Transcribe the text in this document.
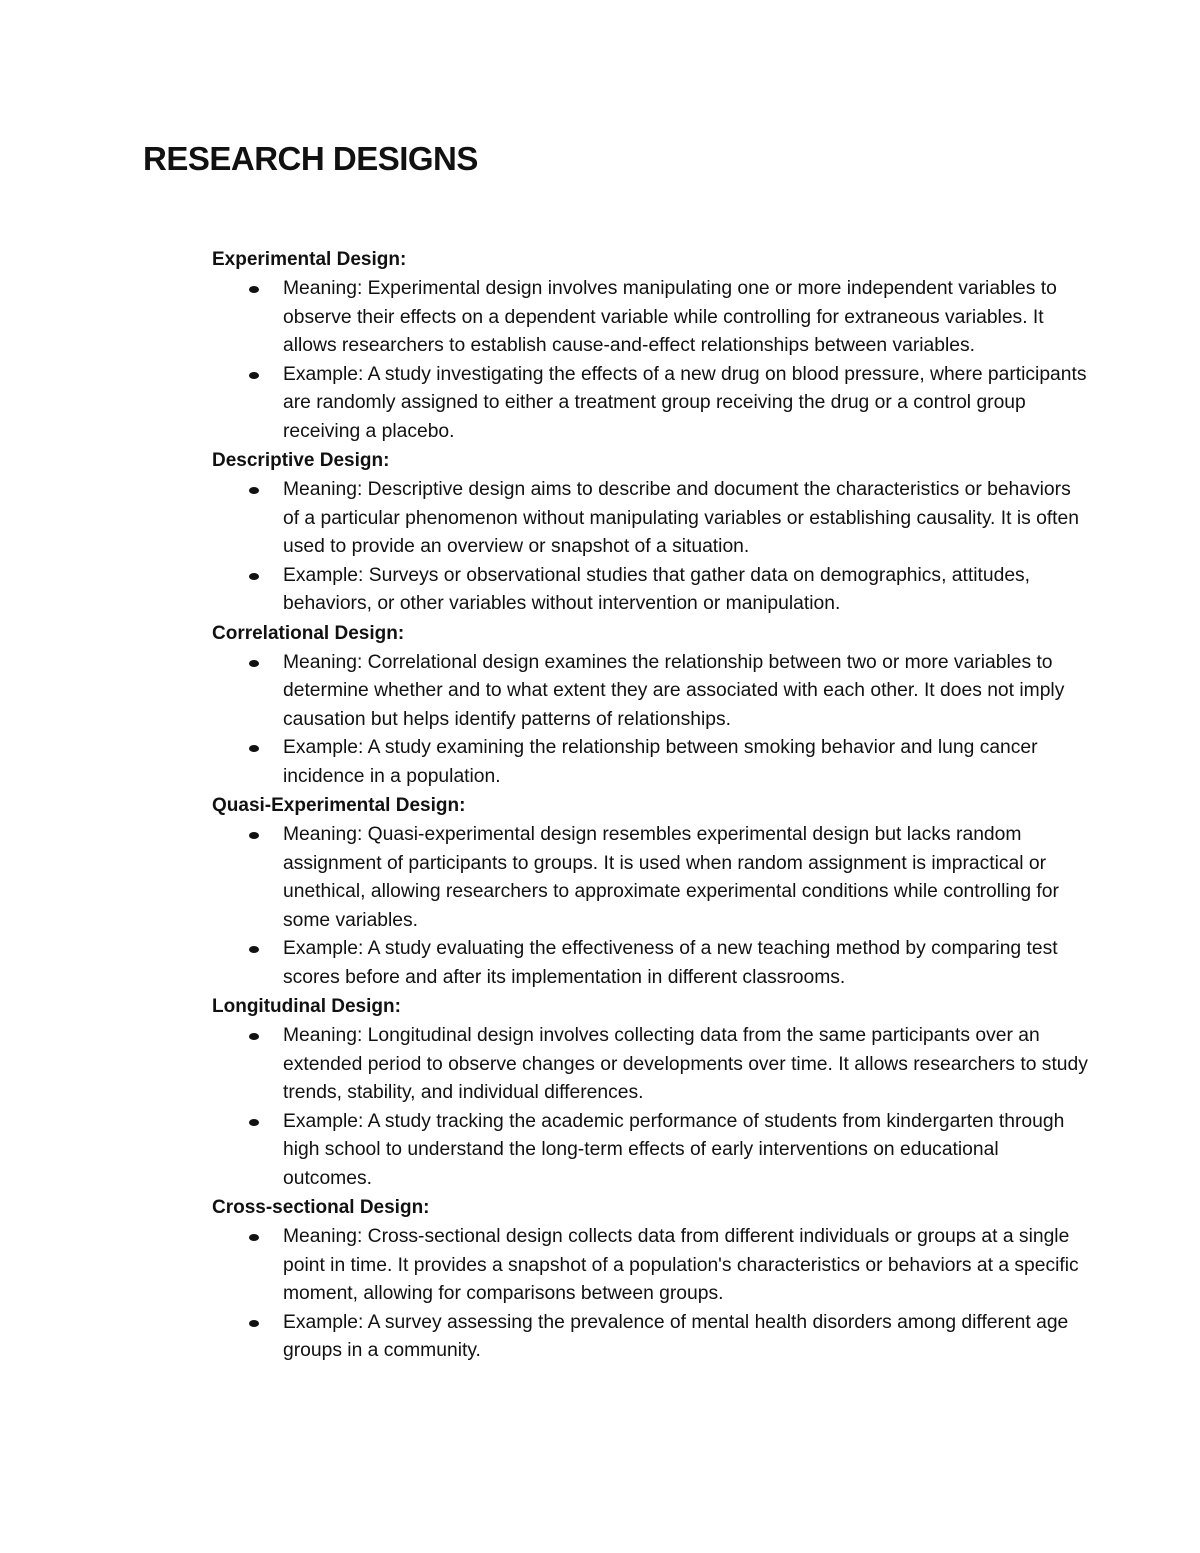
RESEARCH DESIGNS
Experimental Design:
Meaning: Experimental design involves manipulating one or more independent variables to observe their effects on a dependent variable while controlling for extraneous variables. It allows researchers to establish cause-and-effect relationships between variables.
Example: A study investigating the effects of a new drug on blood pressure, where participants are randomly assigned to either a treatment group receiving the drug or a control group receiving a placebo.
Descriptive Design:
Meaning: Descriptive design aims to describe and document the characteristics or behaviors of a particular phenomenon without manipulating variables or establishing causality. It is often used to provide an overview or snapshot of a situation.
Example: Surveys or observational studies that gather data on demographics, attitudes, behaviors, or other variables without intervention or manipulation.
Correlational Design:
Meaning: Correlational design examines the relationship between two or more variables to determine whether and to what extent they are associated with each other. It does not imply causation but helps identify patterns of relationships.
Example: A study examining the relationship between smoking behavior and lung cancer incidence in a population.
Quasi-Experimental Design:
Meaning: Quasi-experimental design resembles experimental design but lacks random assignment of participants to groups. It is used when random assignment is impractical or unethical, allowing researchers to approximate experimental conditions while controlling for some variables.
Example: A study evaluating the effectiveness of a new teaching method by comparing test scores before and after its implementation in different classrooms.
Longitudinal Design:
Meaning: Longitudinal design involves collecting data from the same participants over an extended period to observe changes or developments over time. It allows researchers to study trends, stability, and individual differences.
Example: A study tracking the academic performance of students from kindergarten through high school to understand the long-term effects of early interventions on educational outcomes.
Cross-sectional Design:
Meaning: Cross-sectional design collects data from different individuals or groups at a single point in time. It provides a snapshot of a population's characteristics or behaviors at a specific moment, allowing for comparisons between groups.
Example: A survey assessing the prevalence of mental health disorders among different age groups in a community.
